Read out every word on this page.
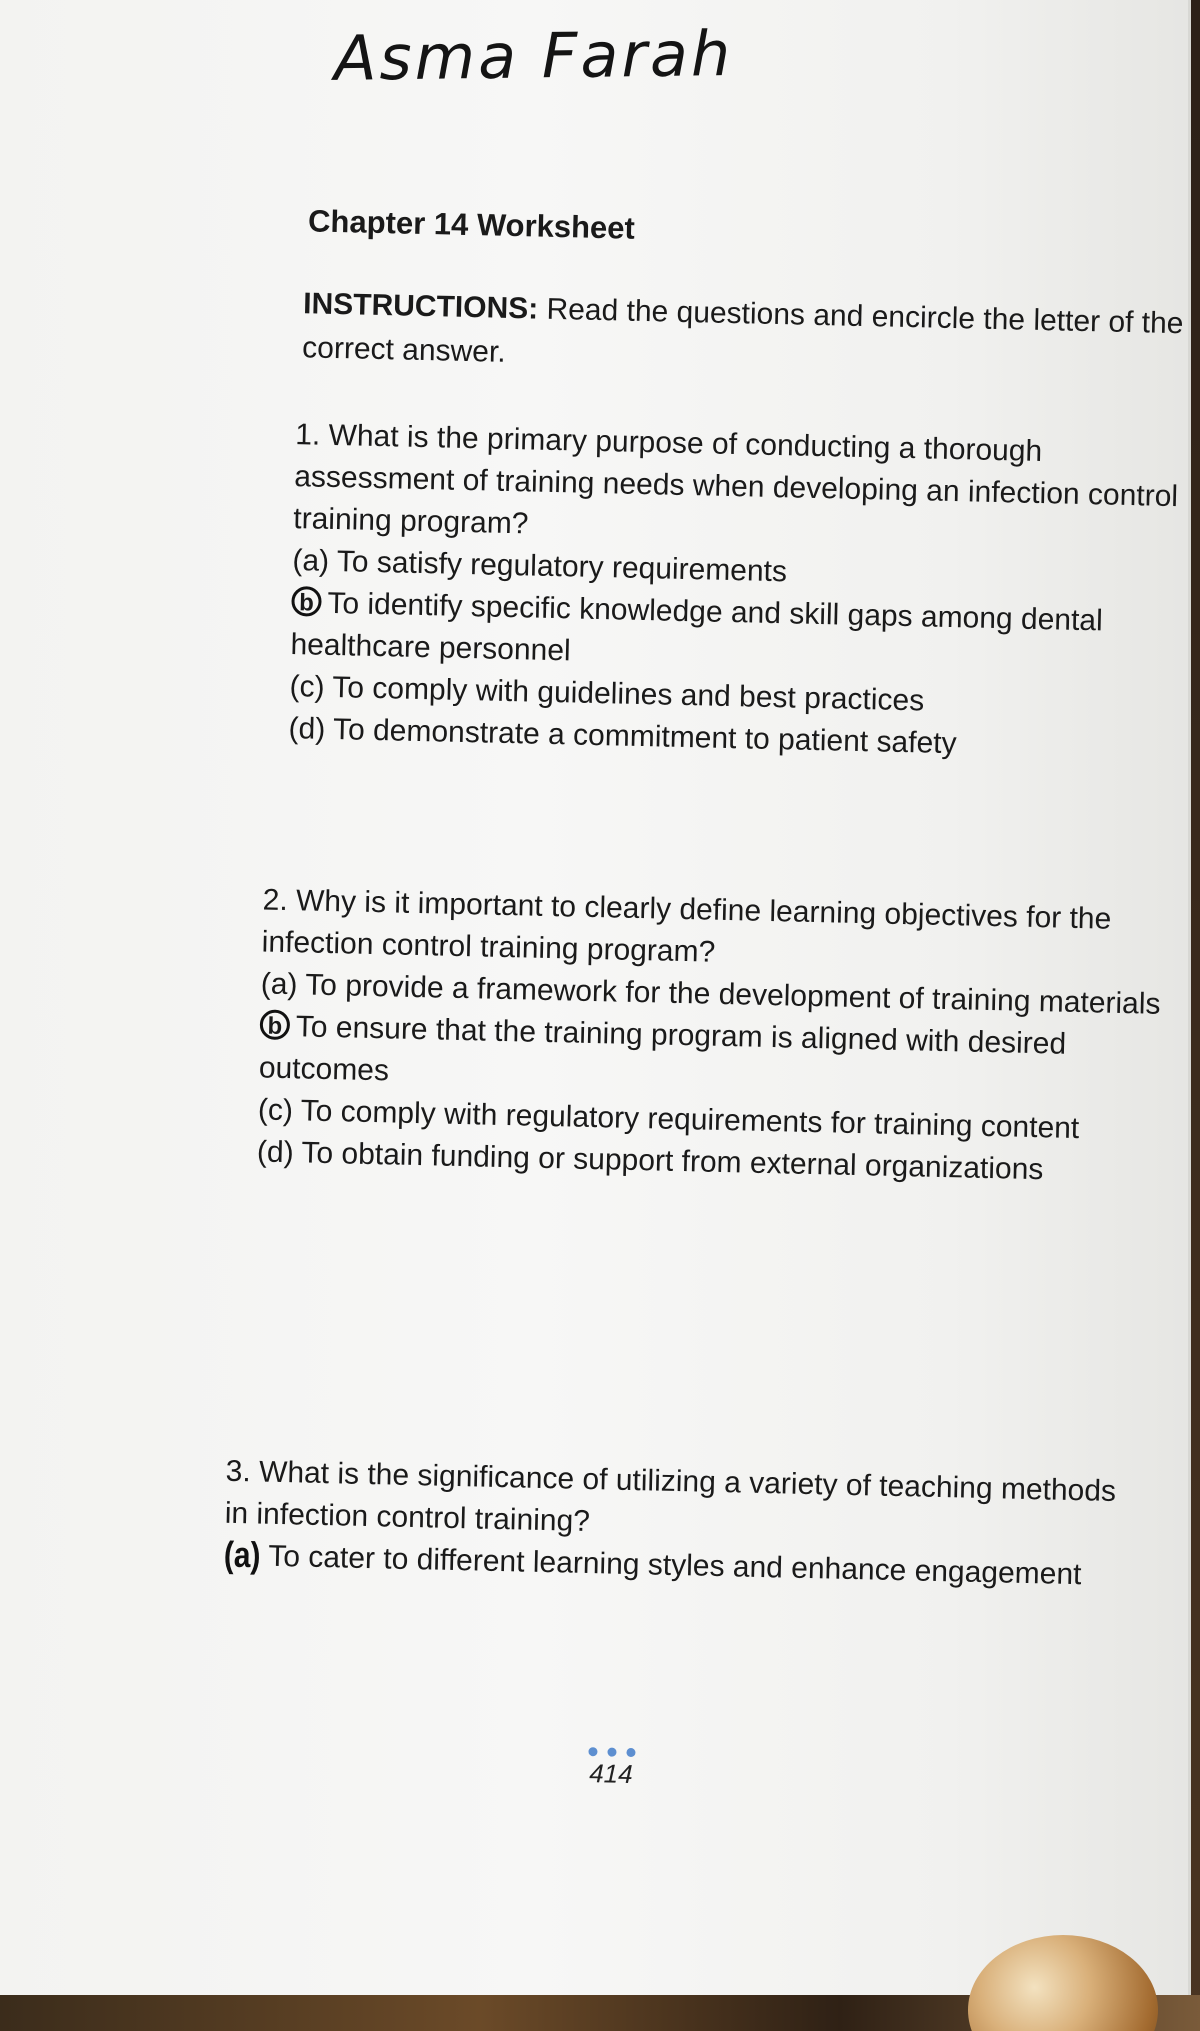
Asma Farah
Chapter 14 Worksheet
INSTRUCTIONS: Read the questions and encircle the letter of the correct answer.
1. What is the primary purpose of conducting a thorough assessment of training needs when developing an infection control training program?
(a) To satisfy regulatory requirements
b To identify specific knowledge and skill gaps among dental healthcare personnel
(c) To comply with guidelines and best practices
(d) To demonstrate a commitment to patient safety
2. Why is it important to clearly define learning objectives for the infection control training program?
(a) To provide a framework for the development of training materials
b To ensure that the training program is aligned with desired outcomes
(c) To comply with regulatory requirements for training content
(d) To obtain funding or support from external organizations
3. What is the significance of utilizing a variety of teaching methods in infection control training?
(a) To cater to different learning styles and enhance engagement
414
